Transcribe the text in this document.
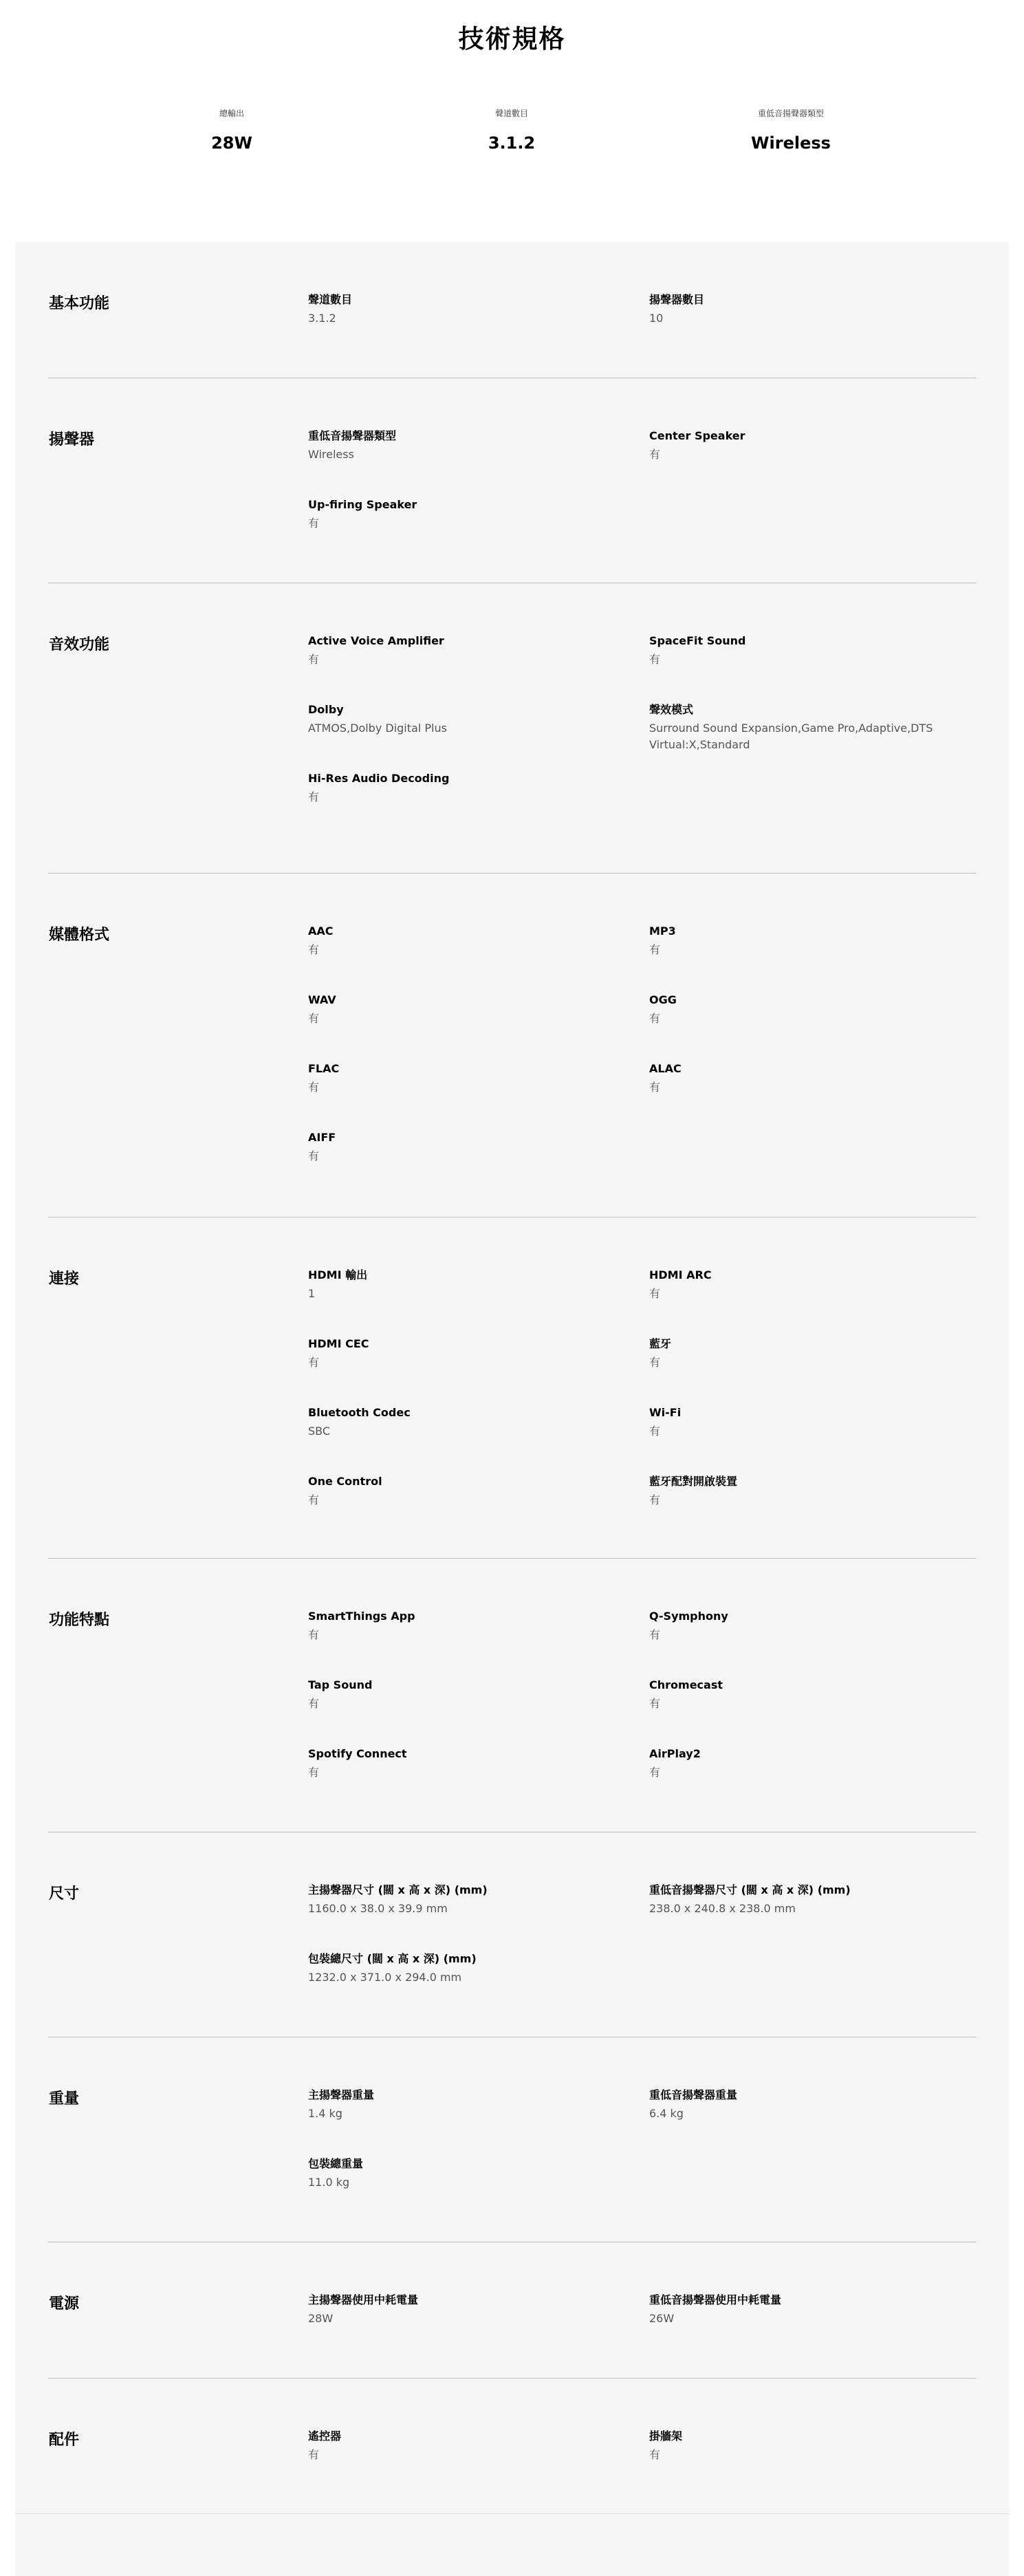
技術規格
總輸出
28W
聲道數目
3.1.2
重低音揚聲器類型
Wireless
基本功能	聲道數目
3.1.2
揚聲器數目
10
揚聲器	重低音揚聲器類型
Wireless
Center Speaker
有
Up-firing Speaker
有
音效功能	Active Voice Amplifier
有
SpaceFit Sound
有
Dolby
ATMOS,Dolby Digital Plus
聲效模式
Surround Sound Expansion,Game Pro,Adaptive,DTS Virtual:X,Standard
Hi-Res Audio Decoding
有
媒體格式	AAC
有
MP3
有
WAV
有
OGG
有
FLAC
有
ALAC
有
AIFF
有
連接	HDMI 輸出
1
HDMI ARC
有
HDMI CEC
有
藍牙
有
Bluetooth Codec
SBC
Wi-Fi
有
One Control
有
藍牙配對開啟裝置
有
功能特點	SmartThings App
有
Q-Symphony
有
Tap Sound
有
Chromecast
有
Spotify Connect
有
AirPlay2
有
尺寸	主揚聲器尺寸 (闊 x 高 x 深) (mm)
1160.0 x 38.0 x 39.9 mm
重低音揚聲器尺寸 (闊 x 高 x 深) (mm)
238.0 x 240.8 x 238.0 mm
包裝總尺寸 (闊 x 高 x 深) (mm)
1232.0 x 371.0 x 294.0 mm
重量	主揚聲器重量
1.4 kg
重低音揚聲器重量
6.4 kg
包裝總重量
11.0 kg
電源	主揚聲器使用中耗電量
28W
重低音揚聲器使用中耗電量
26W
配件	遙控器
有
掛牆架
有
